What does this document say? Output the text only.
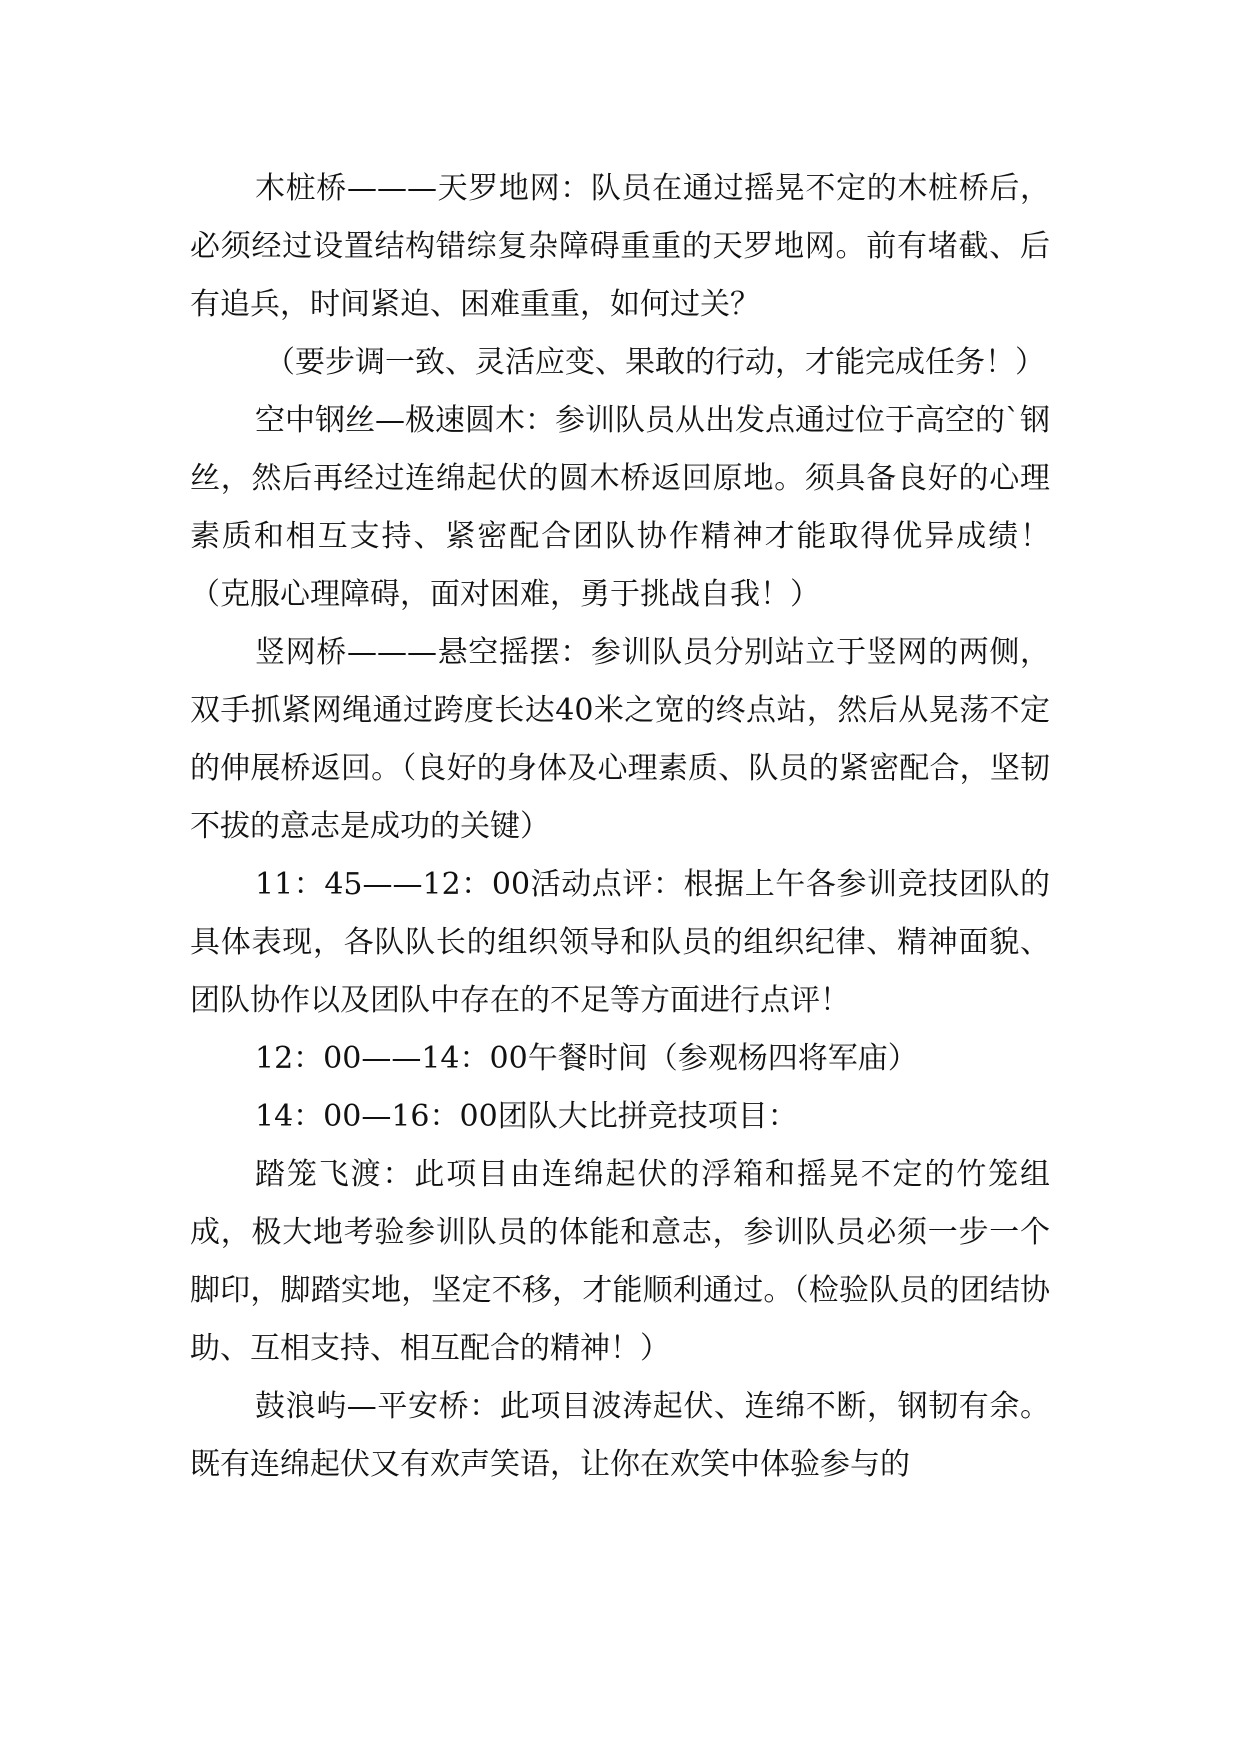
木桩桥———天罗地网：队员在通过摇晃不定的木桩桥后，必须经过设置结构错综复杂障碍重重的天罗地网。前有堵截、后有追兵，时间紧迫、困难重重，如何过关？

（要步调一致、灵活应变、果敢的行动，才能完成任务！）

空中钢丝—极速圆木：参训队员从出发点通过位于高空的`钢丝，然后再经过连绵起伏的圆木桥返回原地。须具备良好的心理素质和相互支持、紧密配合团队协作精神才能取得优异成绩！（克服心理障碍，面对困难，勇于挑战自我！）

竖网桥———悬空摇摆：参训队员分别站立于竖网的两侧，双手抓紧网绳通过跨度长达40米之宽的终点站，然后从晃荡不定的伸展桥返回。（良好的身体及心理素质、队员的紧密配合，坚韧不拔的意志是成功的关键）

11：45——12：00活动点评：根据上午各参训竞技团队的具体表现，各队队长的组织领导和队员的组织纪律、精神面貌、团队协作以及团队中存在的不足等方面进行点评！

12：00——14：00午餐时间（参观杨四将军庙）

14：00—16：00团队大比拼竞技项目：

踏笼飞渡：此项目由连绵起伏的浮箱和摇晃不定的竹笼组成，极大地考验参训队员的体能和意志，参训队员必须一步一个脚印，脚踏实地，坚定不移，才能顺利通过。（检验队员的团结协助、互相支持、相互配合的精神！）

鼓浪屿—平安桥：此项目波涛起伏、连绵不断，钢韧有余。既有连绵起伏又有欢声笑语，让你在欢笑中体验参与的
